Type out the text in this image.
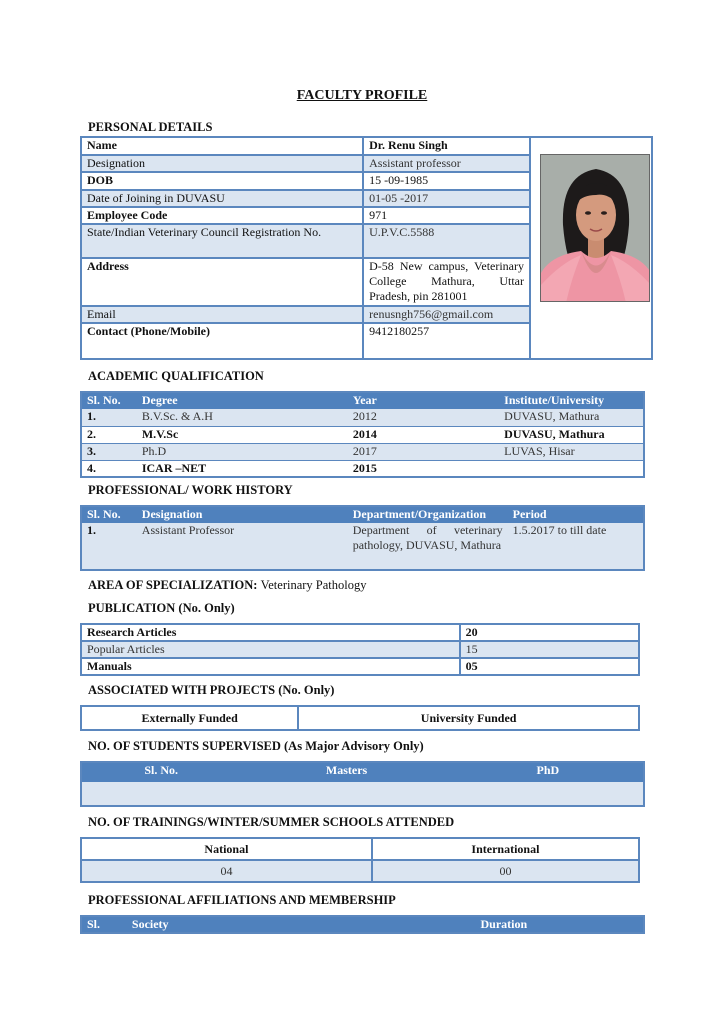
FACULTY PROFILE
PERSONAL DETAILS
Name	Dr. Renu Singh
Designation	Assistant professor
DOB	15 -09-1985
Date of Joining in DUVASU	01-05 -2017
Employee Code	971
State/Indian Veterinary Council Registration No.	U.P.V.C.5588
Address	D-58 New campus, Veterinary College Mathura, Uttar Pradesh, pin 281001
Email	renusngh756@gmail.com
Contact (Phone/Mobile)	9412180257
ACADEMIC QUALIFICATION
Sl. No.	Degree	Year	Institute/University
1.	B.V.Sc. & A.H	2012	DUVASU, Mathura
2.	M.V.Sc	2014	DUVASU, Mathura
3.	Ph.D	2017	LUVAS, Hisar
4.	ICAR –NET	2015	
PROFESSIONAL/ WORK HISTORY
Sl. No.	Designation	Department/Organization	Period
1.	Assistant Professor	Department of veterinary pathology, DUVASU, Mathura	1.5.2017 to till date
AREA OF SPECIALIZATION: Veterinary Pathology
PUBLICATION (No. Only)
Research Articles	20
Popular Articles	15
Manuals	05
ASSOCIATED WITH PROJECTS (No. Only)
Externally Funded	University Funded
NO. OF STUDENTS SUPERVISED (As Major Advisory Only)
Sl. No.	Masters	PhD

NO. OF TRAININGS/WINTER/SUMMER SCHOOLS ATTENDED
National	International
04	00
PROFESSIONAL AFFILIATIONS AND MEMBERSHIP
Sl.	Society	Duration
